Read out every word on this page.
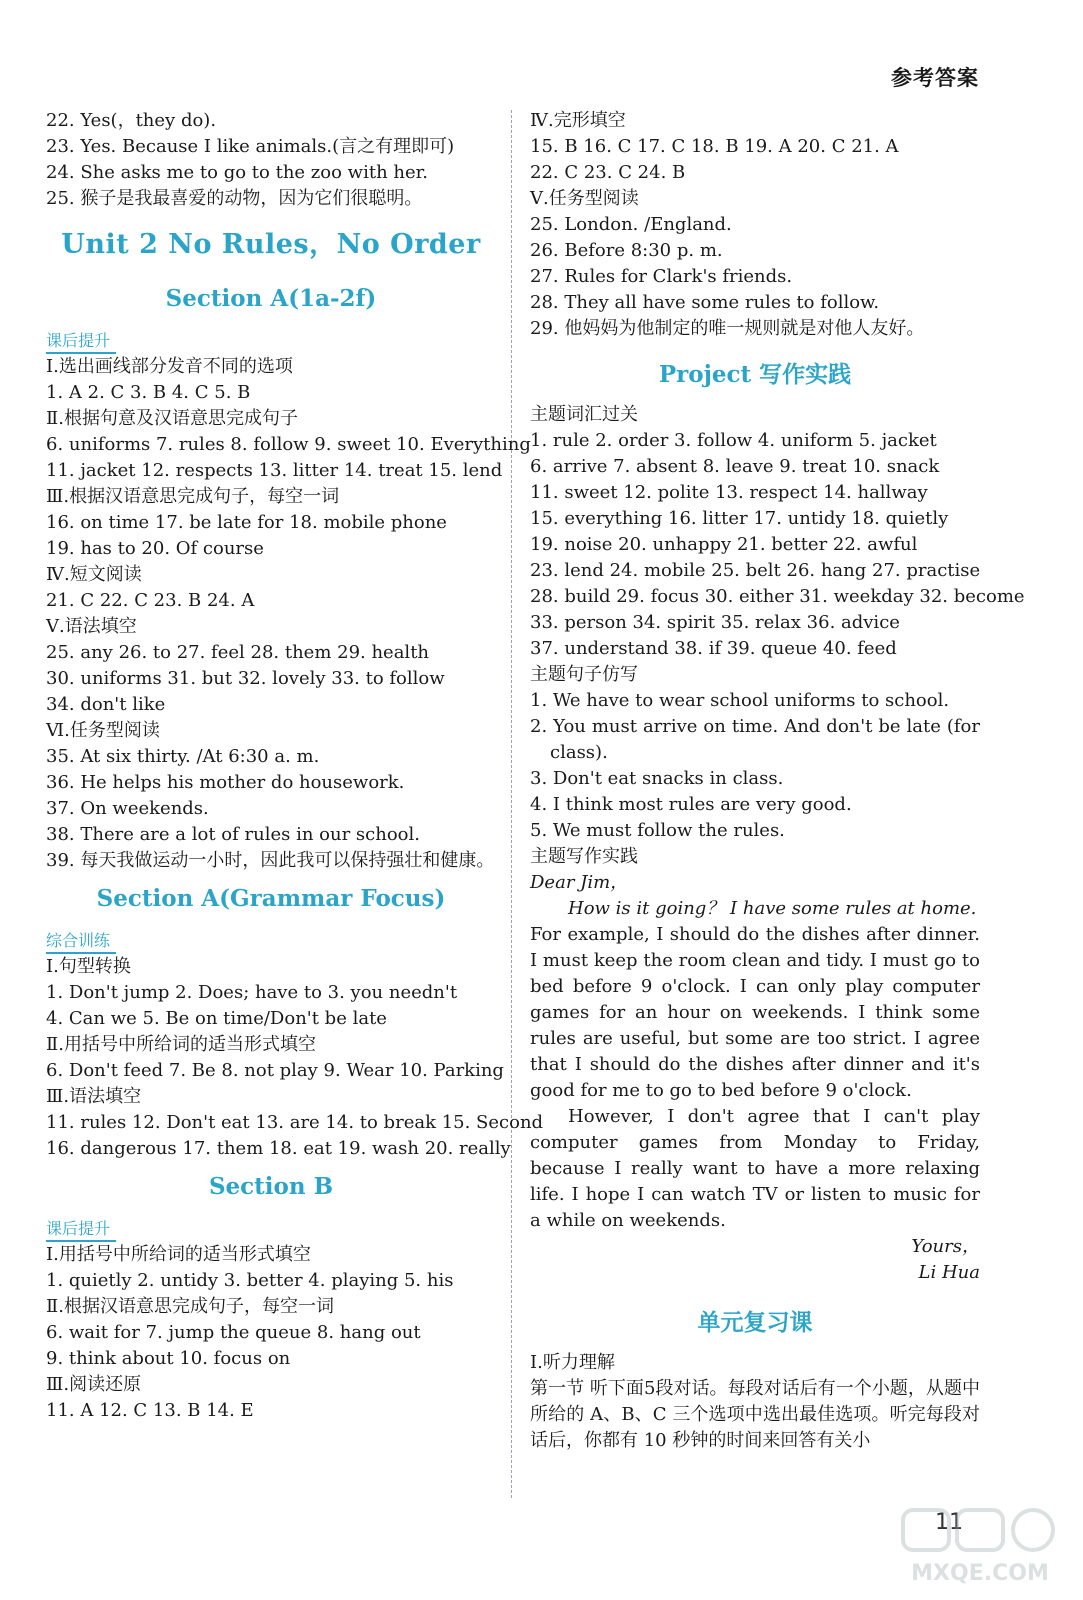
参考答案
22. Yes(，they do).
23. Yes. Because I like animals.(言之有理即可)
24. She asks me to go to the zoo with her.
25. 猴子是我最喜爱的动物，因为它们很聪明。
Unit 2 No Rules，No Order
Section A(1a-2f)
课后提升
Ⅰ.选出画线部分发音不同的选项
1. A 2. C 3. B 4. C 5. B
Ⅱ.根据句意及汉语意思完成句子
6. uniforms 7. rules 8. follow 9. sweet 10. Everything
11. jacket 12. respects 13. litter 14. treat 15. lend
Ⅲ.根据汉语意思完成句子，每空一词
16. on time 17. be late for 18. mobile phone
19. has to 20. Of course
Ⅳ.短文阅读
21. C 22. C 23. B 24. A
Ⅴ.语法填空
25. any 26. to 27. feel 28. them 29. health
30. uniforms 31. but 32. lovely 33. to follow
34. don't like
Ⅵ.任务型阅读
35. At six thirty. /At 6:30 a. m.
36. He helps his mother do housework.
37. On weekends.
38. There are a lot of rules in our school.
39. 每天我做运动一小时，因此我可以保持强壮和健康。
Section A(Grammar Focus)
综合训练
Ⅰ.句型转换
1. Don't jump 2. Does; have to 3. you needn't
4. Can we 5. Be on time/Don't be late
Ⅱ.用括号中所给词的适当形式填空
6. Don't feed 7. Be 8. not play 9. Wear 10. Parking
Ⅲ.语法填空
11. rules 12. Don't eat 13. are 14. to break 15. Second
16. dangerous 17. them 18. eat 19. wash 20. really
Section B
课后提升
Ⅰ.用括号中所给词的适当形式填空
1. quietly 2. untidy 3. better 4. playing 5. his
Ⅱ.根据汉语意思完成句子，每空一词
6. wait for 7. jump the queue 8. hang out
9. think about 10. focus on
Ⅲ.阅读还原
11. A 12. C 13. B 14. E
Ⅳ.完形填空
15. B 16. C 17. C 18. B 19. A 20. C 21. A
22. C 23. C 24. B
Ⅴ.任务型阅读
25. London. /England.
26. Before 8:30 p. m.
27. Rules for Clark's friends.
28. They all have some rules to follow.
29. 他妈妈为他制定的唯一规则就是对他人友好。
Project 写作实践
主题词汇过关
1. rule 2. order 3. follow 4. uniform 5. jacket
6. arrive 7. absent 8. leave 9. treat 10. snack
11. sweet 12. polite 13. respect 14. hallway
15. everything 16. litter 17. untidy 18. quietly
19. noise 20. unhappy 21. better 22. awful
23. lend 24. mobile 25. belt 26. hang 27. practise
28. build 29. focus 30. either 31. weekday 32. become
33. person 34. spirit 35. relax 36. advice
37. understand 38. if 39. queue 40. feed
主题句子仿写
1. We have to wear school uniforms to school.
2. You must arrive on time. And don't be late (for class).
3. Don't eat snacks in class.
4. I think most rules are very good.
5. We must follow the rules.
主题写作实践
Dear Jim，
How is it going？ I have some rules at home.
For example, I should do the dishes after dinner. I must keep the room clean and tidy. I must go to bed before 9 o'clock. I can only play computer games for an hour on weekends. I think some rules are useful, but some are too strict. I agree that I should do the dishes after dinner and it's good for me to go to bed before 9 o'clock.
However, I don't agree that I can't play computer games from Monday to Friday, because I really want to have a more relaxing life. I hope I can watch TV or listen to music for a while on weekends.
Yours，
Li Hua
单元复习课
Ⅰ.听力理解
第一节 听下面5段对话。每段对话后有一个小题，从题中所给的 A、B、C 三个选项中选出最佳选项。听完每段对话后，你都有 10 秒钟的时间来回答有关小
11
MXQE.COM
